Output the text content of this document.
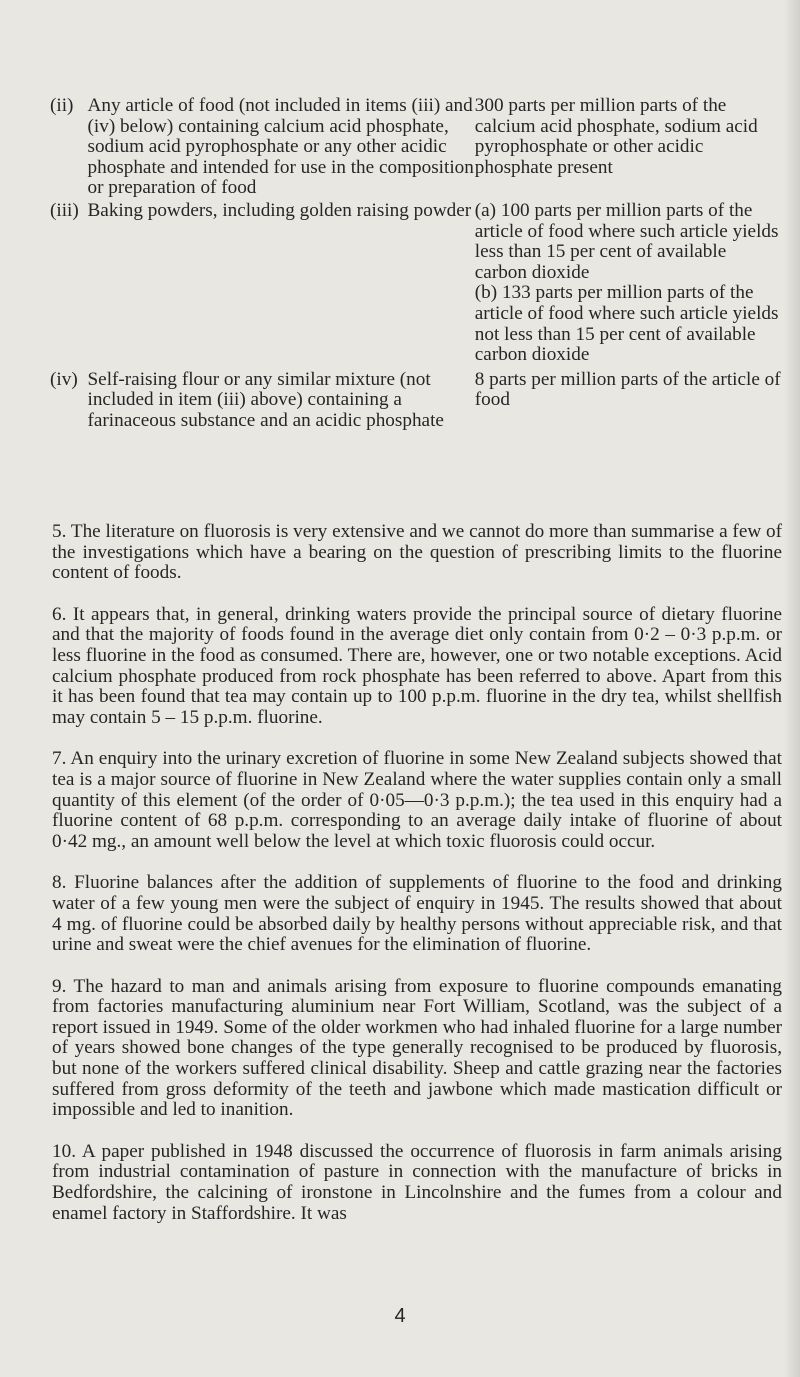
(ii)	Any article of food (not included in items (iii) and (iv) below) containing calcium acid phosphate, sodium acid pyrophosphate or any other acidic phosphate and intended for use in the composition or preparation of food	300 parts per million parts of the calcium acid phosphate, sodium acid pyrophosphate or other acidic phosphate present
(iii)	Baking powders, including golden raising powder	(a) 100 parts per million parts of the article of food where such article yields less than 15 per cent of available carbon dioxide
(b) 133 parts per million parts of the article of food where such article yields not less than 15 per cent of available carbon dioxide

(iv)	Self-raising flour or any similar mixture (not included in item (iii) above) containing a farinaceous substance and an acidic phosphate	8 parts per million parts of the article of food

5. The literature on fluorosis is very extensive and we cannot do more than summarise a few of the investigations which have a bearing on the question of prescribing limits to the fluorine content of foods.

6. It appears that, in general, drinking waters provide the principal source of dietary fluorine and that the majority of foods found in the average diet only contain from 0·2 – 0·3 p.p.m. or less fluorine in the food as consumed. There are, however, one or two notable exceptions. Acid calcium phosphate produced from rock phosphate has been referred to above. Apart from this it has been found that tea may contain up to 100 p.p.m. fluorine in the dry tea, whilst shellfish may contain 5 – 15 p.p.m. fluorine.

7. An enquiry into the urinary excretion of fluorine in some New Zealand subjects showed that tea is a major source of fluorine in New Zealand where the water supplies contain only a small quantity of this element (of the order of 0·05—0·3 p.p.m.); the tea used in this enquiry had a fluorine content of 68 p.p.m. corresponding to an average daily intake of fluorine of about 0·42 mg., an amount well below the level at which toxic fluorosis could occur.

8. Fluorine balances after the addition of supplements of fluorine to the food and drinking water of a few young men were the subject of enquiry in 1945. The results showed that about 4 mg. of fluorine could be absorbed daily by healthy persons without appreciable risk, and that urine and sweat were the chief avenues for the elimination of fluorine.

9. The hazard to man and animals arising from exposure to fluorine compounds emanating from factories manufacturing aluminium near Fort William, Scotland, was the subject of a report issued in 1949. Some of the older workmen who had inhaled fluorine for a large number of years showed bone changes of the type generally recognised to be produced by fluorosis, but none of the workers suffered clinical disability. Sheep and cattle grazing near the factories suffered from gross deformity of the teeth and jawbone which made mastication difficult or impossible and led to inanition.

10. A paper published in 1948 discussed the occurrence of fluorosis in farm animals arising from industrial contamination of pasture in connection with the manufacture of bricks in Bedfordshire, the calcining of ironstone in Lincolnshire and the fumes from a colour and enamel factory in Staffordshire. It was

4
